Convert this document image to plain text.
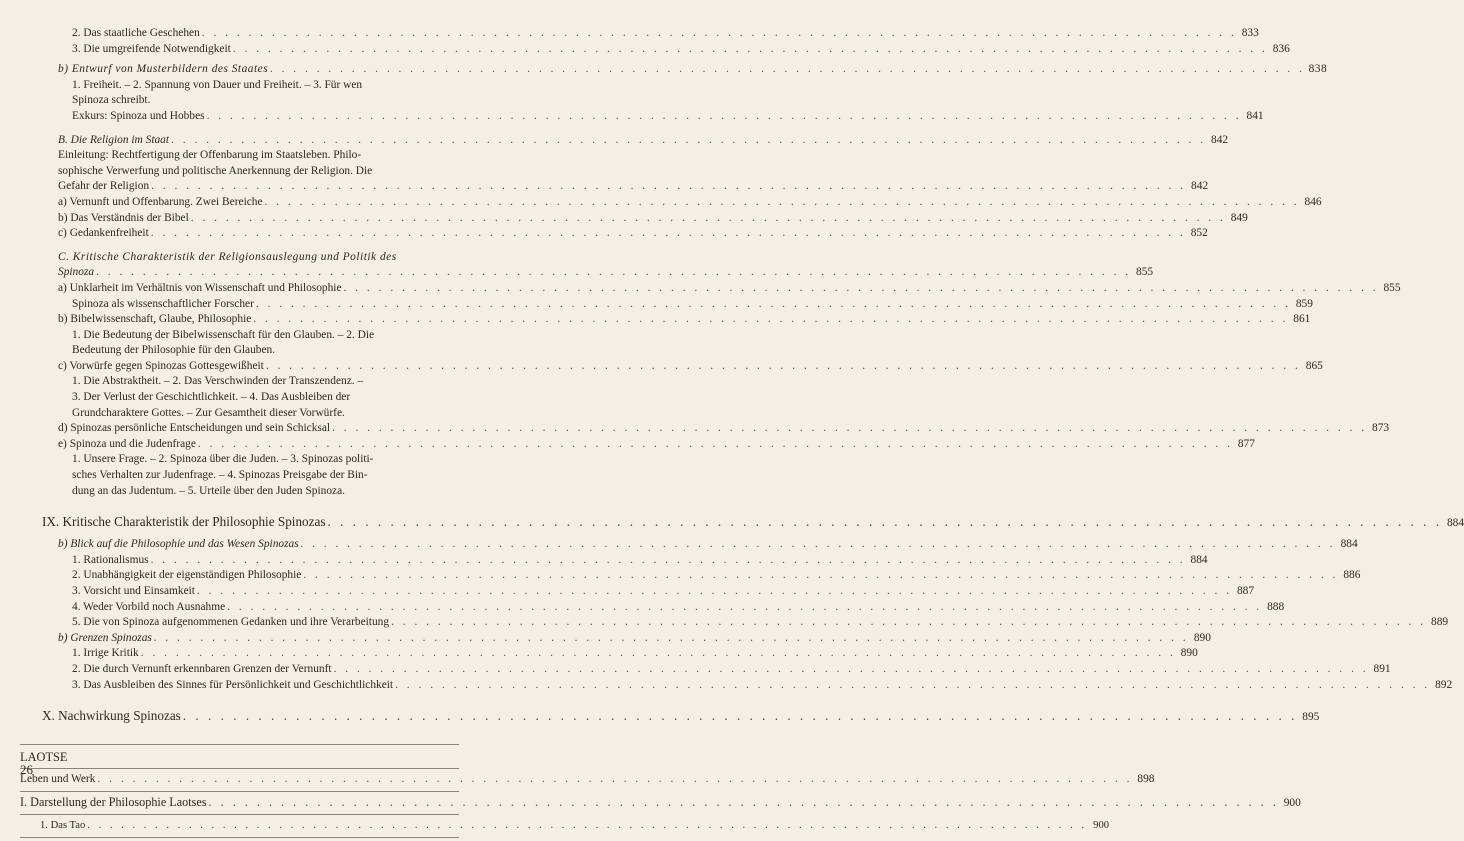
2. Das staatliche Geschehen . . .	833
3. Die umgreifende Notwendigkeit . . .	836
b) Entwurf von Musterbildern des Staates . . .	838
1. Freiheit. – 2. Spannung von Dauer und Freiheit. – 3. Für wen
Spinoza schreibt.
Exkurs: Spinoza und Hobbes . . .	841
B. Die Religion im Staat . . .	842
Einleitung: Rechtfertigung der Offenbarung im Staatsleben. Philo-
sophische Verwerfung und politische Anerkennung der Religion. Die
Gefahr der Religion . . .	842
a) Vernunft und Offenbarung. Zwei Bereiche . . .	846
b) Das Verständnis der Bibel . . .	849
c) Gedankenfreiheit . . .	852
C. Kritische Charakteristik der Religionsauslegung und Politik des
Spinoza . . .	855
a) Unklarheit im Verhältnis von Wissenschaft und Philosophie . . .	855
Spinoza als wissenschaftlicher Forscher . . .	859
b) Bibelwissenschaft, Glaube, Philosophie . . .	861
1. Die Bedeutung der Bibelwissenschaft für den Glauben. – 2. Die
Bedeutung der Philosophie für den Glauben.
c) Vorwürfe gegen Spinozas Gottesgewißheit . . .	865
1. Die Abstraktheit. – 2. Das Verschwinden der Transzendenz. –
3. Der Verlust der Geschichtlichkeit. – 4. Das Ausbleiben der
Grundcharaktere Gottes. – Zur Gesamtheit dieser Vorwürfe.
d) Spinozas persönliche Entscheidungen und sein Schicksal . . .	873
e) Spinoza und die Judenfrage . . .	877
1. Unsere Frage. – 2. Spinoza über die Juden. – 3. Spinozas politi-
sches Verhalten zur Judenfrage. – 4. Spinozas Preisgabe der Bin-
dung an das Judentum. – 5. Urteile über den Juden Spinoza.
IX. Kritische Charakteristik der Philosophie Spinozas . . .	884
b) Blick auf die Philosophie und das Wesen Spinozas . . .	884
1. Rationalismus . . .	884
2. Unabhängigkeit der eigenständigen Philosophie . . .	886
3. Vorsicht und Einsamkeit . . .	887
4. Weder Vorbild noch Ausnahme . . .	888
5. Die von Spinoza aufgenommenen Gedanken und ihre Verarbeitung . . .	889
b) Grenzen Spinozas . . .	890
1. Irrige Kritik . . .	890
2. Die durch Vernunft erkennbaren Grenzen der Vernunft . . .	891
3. Das Ausbleiben des Sinnes für Persönlichkeit und Geschichtlichkeit . . .	892
X. Nachwirkung Spinozas . . .	895
LAOTSE
Leben und Werk . . .	898
I. Darstellung der Philosophie Laotses . . .	900
1. Das Tao . . .	900
26
